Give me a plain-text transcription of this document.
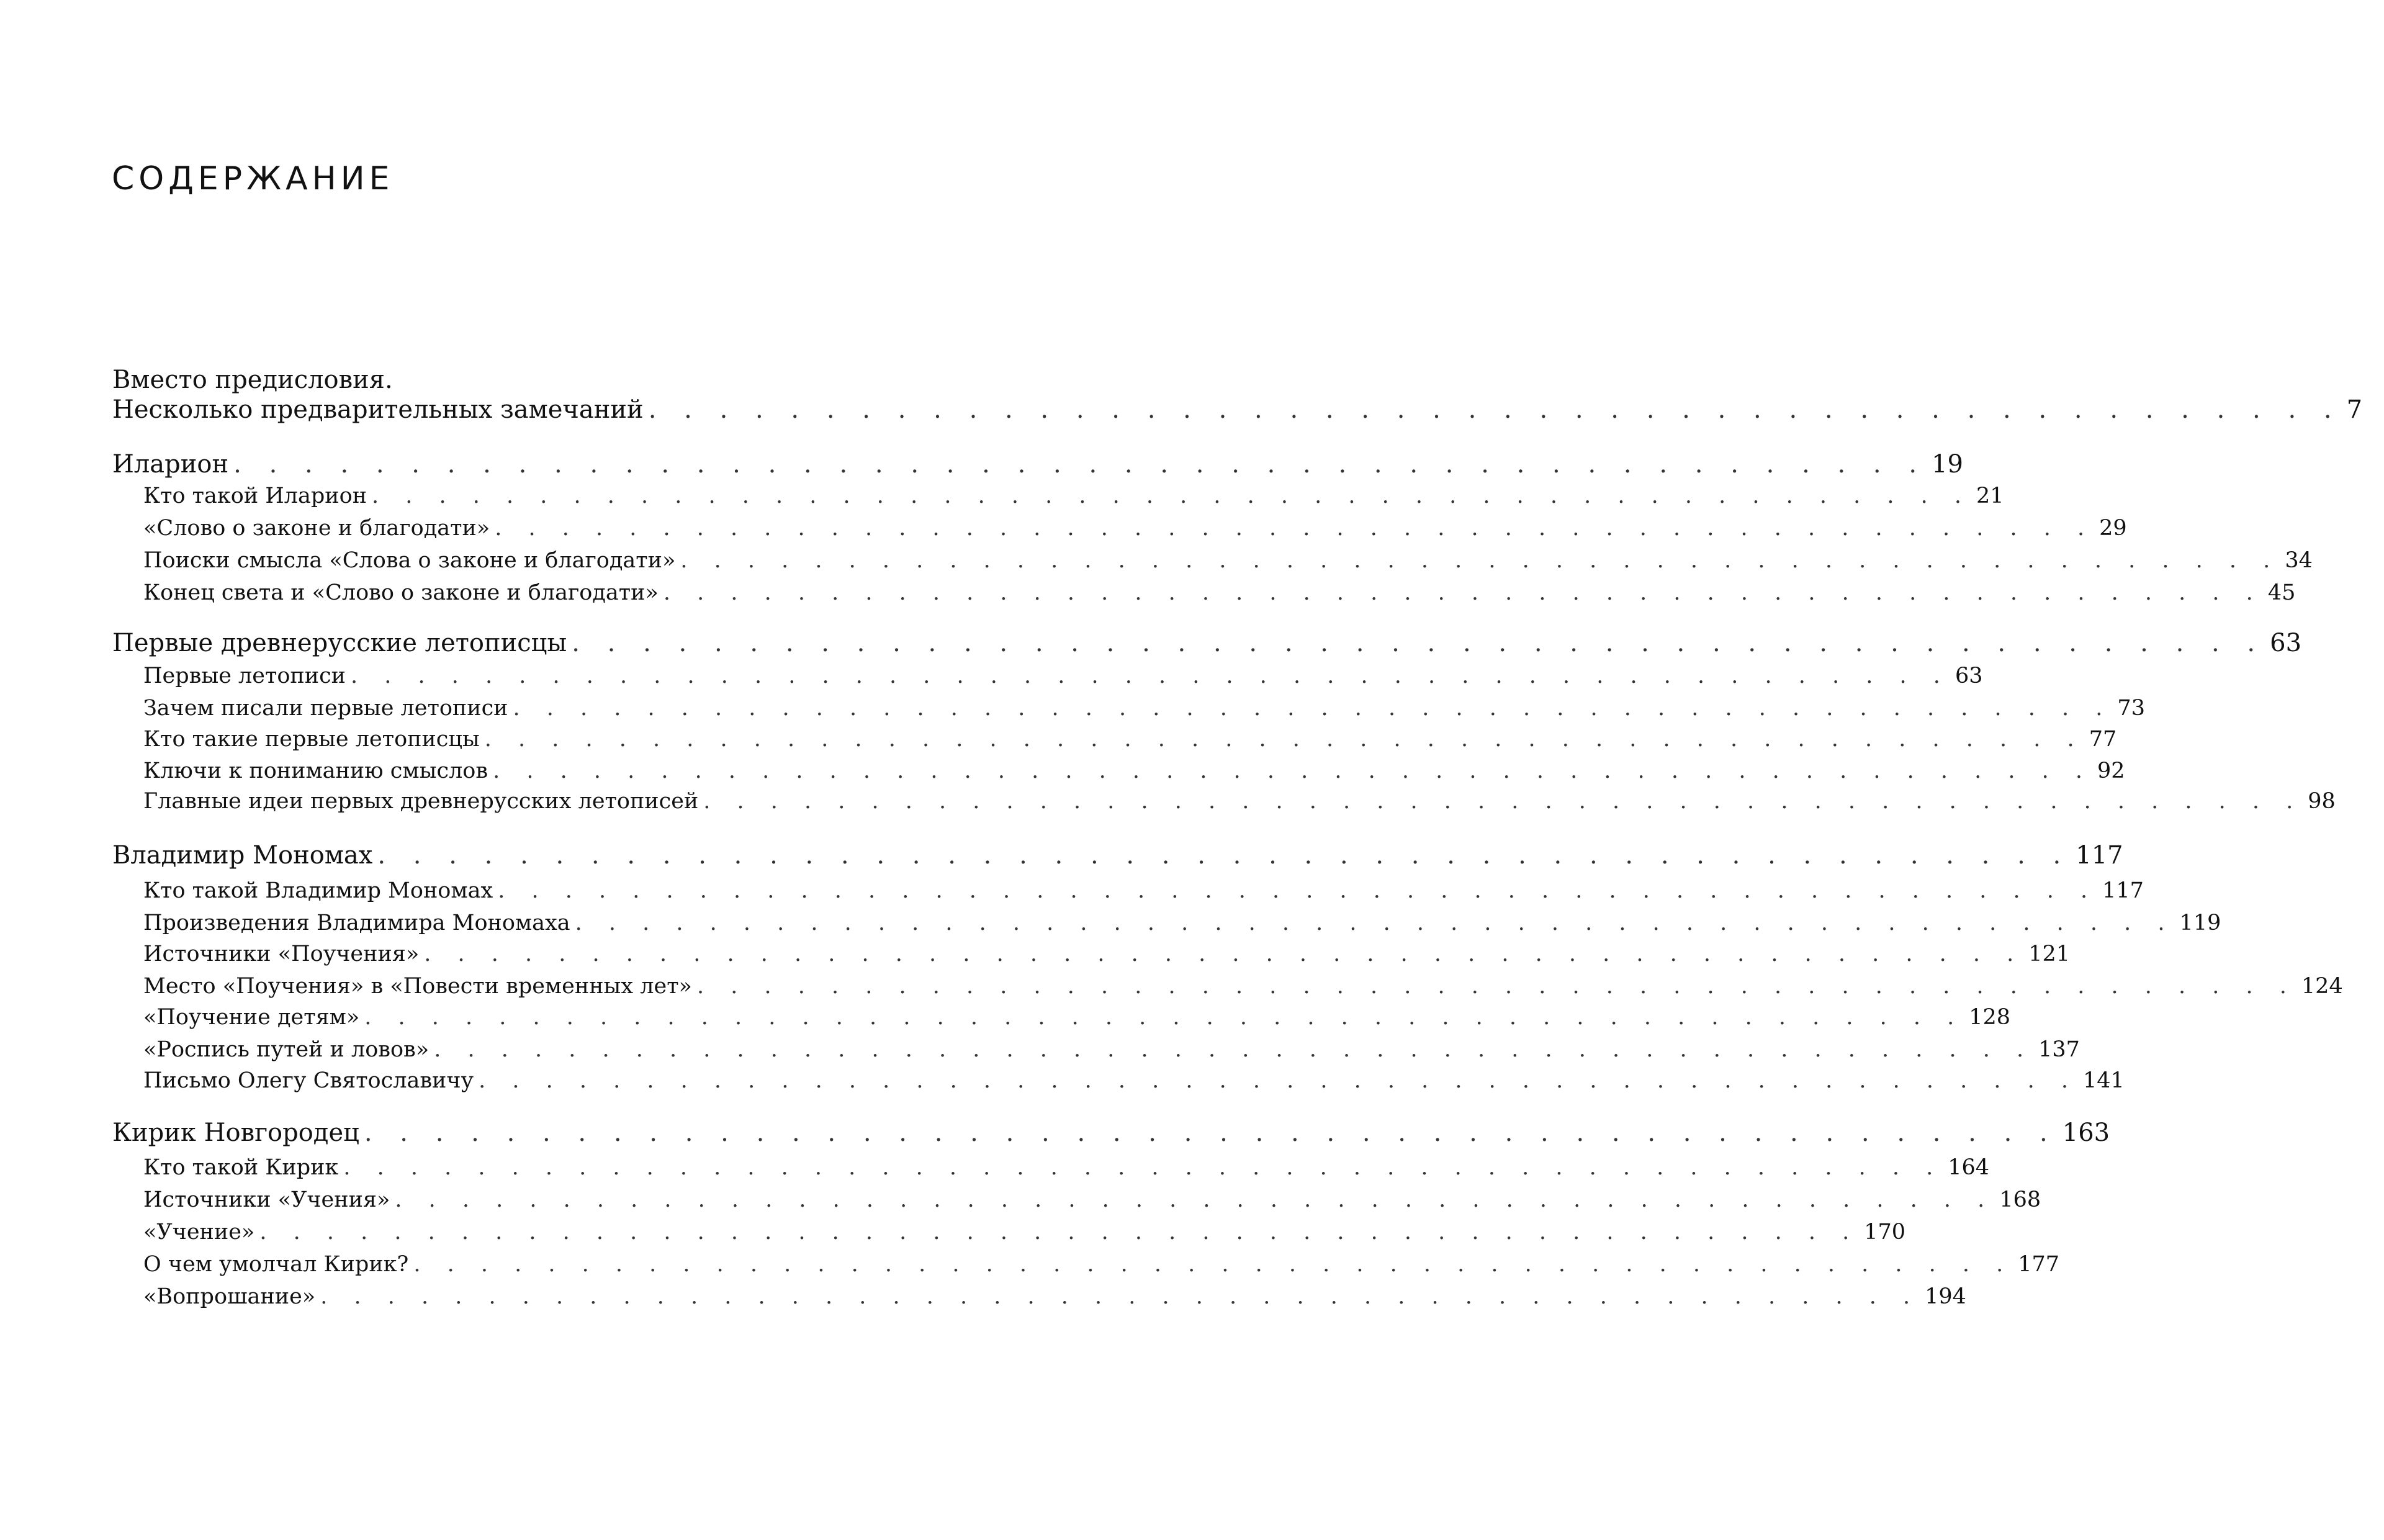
СОДЕРЖАНИЕ
Вместо предисловия.
Несколько предварительных замечаний . . . . . . . . . . . . . . . . . . . . . . . . . . . . . . . . . . . . . . . . . . . . . . . . 7
Иларион . . . . . . . . . . . . . . . . . . . . . . . . . . . . . . . . . . . . . . . . . . . . . . . . 19
Кто такой Иларион . . . . . . . . . . . . . . . . . . . . . . . . . . . . . . . . . . . . . . . . . . . . . . . . 21
«Слово о законе и благодати» . . . . . . . . . . . . . . . . . . . . . . . . . . . . . . . . . . . . . . . . . . . . . . . . 29
Поиски смысла «Слова о законе и благодати» . . . . . . . . . . . . . . . . . . . . . . . . . . . . . . . . . . . . . . . . . . . . . . . . 34
Конец света и «Слово о законе и благодати» . . . . . . . . . . . . . . . . . . . . . . . . . . . . . . . . . . . . . . . . . . . . . . . . 45
Первые древнерусские летописцы . . . . . . . . . . . . . . . . . . . . . . . . . . . . . . . . . . . . . . . . . . . . . . . . 63
Первые летописи . . . . . . . . . . . . . . . . . . . . . . . . . . . . . . . . . . . . . . . . . . . . . . . . 63
Зачем писали первые летописи . . . . . . . . . . . . . . . . . . . . . . . . . . . . . . . . . . . . . . . . . . . . . . . . 73
Кто такие первые летописцы . . . . . . . . . . . . . . . . . . . . . . . . . . . . . . . . . . . . . . . . . . . . . . . . 77
Ключи к пониманию смыслов . . . . . . . . . . . . . . . . . . . . . . . . . . . . . . . . . . . . . . . . . . . . . . . . 92
Главные идеи первых древнерусских летописей . . . . . . . . . . . . . . . . . . . . . . . . . . . . . . . . . . . . . . . . . . . . . . . . 98
Владимир Мономах . . . . . . . . . . . . . . . . . . . . . . . . . . . . . . . . . . . . . . . . . . . . . . . . 117
Кто такой Владимир Мономах . . . . . . . . . . . . . . . . . . . . . . . . . . . . . . . . . . . . . . . . . . . . . . . . 117
Произведения Владимира Мономаха . . . . . . . . . . . . . . . . . . . . . . . . . . . . . . . . . . . . . . . . . . . . . . . . 119
Источники «Поучения» . . . . . . . . . . . . . . . . . . . . . . . . . . . . . . . . . . . . . . . . . . . . . . . . 121
Место «Поучения» в «Повести временных лет» . . . . . . . . . . . . . . . . . . . . . . . . . . . . . . . . . . . . . . . . . . . . . . . . 124
«Поучение детям» . . . . . . . . . . . . . . . . . . . . . . . . . . . . . . . . . . . . . . . . . . . . . . . . 128
«Роспись путей и ловов» . . . . . . . . . . . . . . . . . . . . . . . . . . . . . . . . . . . . . . . . . . . . . . . . 137
Письмо Олегу Святославичу . . . . . . . . . . . . . . . . . . . . . . . . . . . . . . . . . . . . . . . . . . . . . . . . 141
Кирик Новгородец . . . . . . . . . . . . . . . . . . . . . . . . . . . . . . . . . . . . . . . . . . . . . . . . 163
Кто такой Кирик . . . . . . . . . . . . . . . . . . . . . . . . . . . . . . . . . . . . . . . . . . . . . . . . 164
Источники «Учения» . . . . . . . . . . . . . . . . . . . . . . . . . . . . . . . . . . . . . . . . . . . . . . . . 168
«Учение» . . . . . . . . . . . . . . . . . . . . . . . . . . . . . . . . . . . . . . . . . . . . . . . . 170
О чем умолчал Кирик? . . . . . . . . . . . . . . . . . . . . . . . . . . . . . . . . . . . . . . . . . . . . . . . . 177
«Вопрошание» . . . . . . . . . . . . . . . . . . . . . . . . . . . . . . . . . . . . . . . . . . . . . . . . 194
